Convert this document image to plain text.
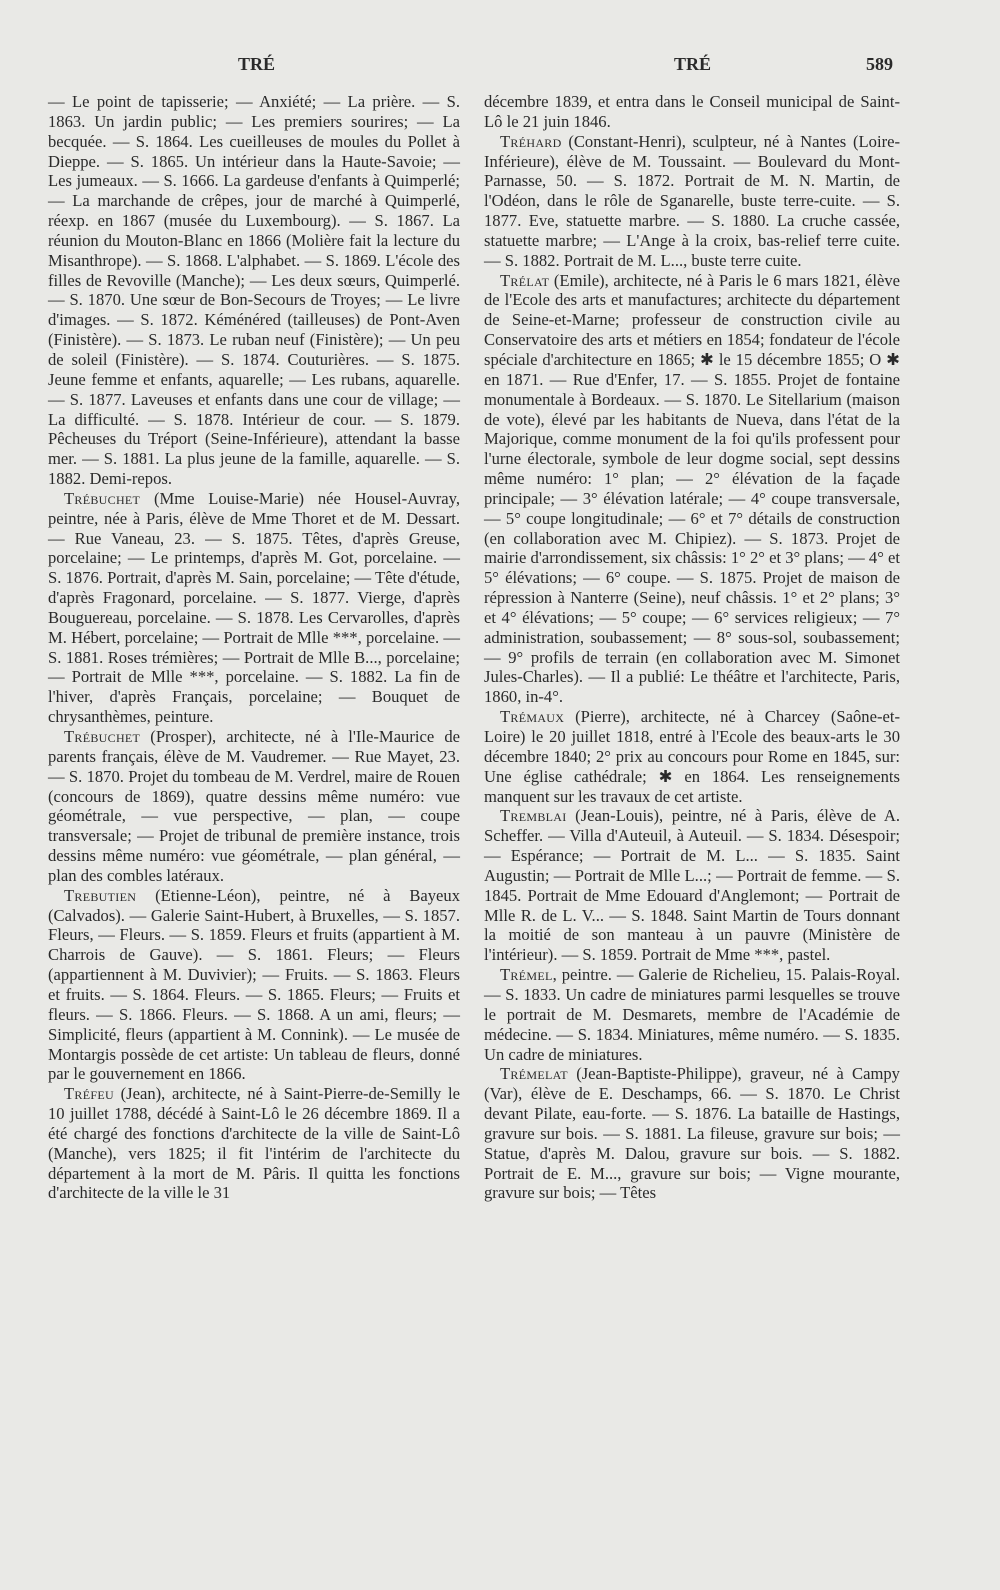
TRÉ	TRÉ	589

— Le point de tapisserie; — Anxiété; — La prière. — S. 1863. Un jardin public; — Les premiers sourires; — La becquée. — S. 1864. Les cueilleuses de moules du Pollet à Dieppe. — S. 1865. Un intérieur dans la Haute-Savoie; — Les jumeaux. — S. 1666. La gardeuse d'enfants à Quimperlé; — La marchande de crêpes, jour de marché à Quimperlé, réexp. en 1867 (musée du Luxembourg). — S. 1867. La réunion du Mouton-Blanc en 1866 (Molière fait la lecture du Misanthrope). — S. 1868. L'alphabet. — S. 1869. L'école des filles de Revoville (Manche); — Les deux sœurs, Quimperlé. — S. 1870. Une sœur de Bon-Secours de Troyes; — Le livre d'images. — S. 1872. Kéménéred (tailleuses) de Pont-Aven (Finistère). — S. 1873. Le ruban neuf (Finistère); — Un peu de soleil (Finistère). — S. 1874. Couturières. — S. 1875. Jeune femme et enfants, aquarelle; — Les rubans, aquarelle. — S. 1877. Laveuses et enfants dans une cour de village; — La difficulté. — S. 1878. Intérieur de cour. — S. 1879. Pêcheuses du Tréport (Seine-Inférieure), attendant la basse mer. — S. 1881. La plus jeune de la famille, aquarelle. — S. 1882. Demi-repos.

Trébuchet (Mme Louise-Marie) née Housel-Auvray, peintre, née à Paris, élève de Mme Thoret et de M. Dessart. — Rue Vaneau, 23. — S. 1875. Têtes, d'après Greuse, porcelaine; — Le printemps, d'après M. Got, porcelaine. — S. 1876. Portrait, d'après M. Sain, porcelaine; — Tête d'étude, d'après Fragonard, porcelaine. — S. 1877. Vierge, d'après Bouguereau, porcelaine. — S. 1878. Les Cervarolles, d'après M. Hébert, porcelaine; — Portrait de Mlle ***, porcelaine. — S. 1881. Roses trémières; — Portrait de Mlle B..., porcelaine; — Portrait de Mlle ***, porcelaine. — S. 1882. La fin de l'hiver, d'après Français, porcelaine; — Bouquet de chrysanthèmes, peinture.

Trébuchet (Prosper), architecte, né à l'Ile-Maurice de parents français, élève de M. Vaudremer. — Rue Mayet, 23. — S. 1870. Projet du tombeau de M. Verdrel, maire de Rouen (concours de 1869), quatre dessins même numéro: vue géométrale, — vue perspective, — plan, — coupe transversale; — Projet de tribunal de première instance, trois dessins même numéro: vue géométrale, — plan général, — plan des combles latéraux.

Trebutien (Etienne-Léon), peintre, né à Bayeux (Calvados). — Galerie Saint-Hubert, à Bruxelles, — S. 1857. Fleurs, — Fleurs. — S. 1859. Fleurs et fruits (appartient à M. Charrois de Gauve). — S. 1861. Fleurs; — Fleurs (appartiennent à M. Duvivier); — Fruits. — S. 1863. Fleurs et fruits. — S. 1864. Fleurs. — S. 1865. Fleurs; — Fruits et fleurs. — S. 1866. Fleurs. — S. 1868. A un ami, fleurs; — Simplicité, fleurs (appartient à M. Connink). — Le musée de Montargis possède de cet artiste: Un tableau de fleurs, donné par le gouvernement en 1866.

Tréfeu (Jean), architecte, né à Saint-Pierre-de-Semilly le 10 juillet 1788, décédé à Saint-Lô le 26 décembre 1869. Il a été chargé des fonctions d'architecte de la ville de Saint-Lô (Manche), vers 1825; il fit l'intérim de l'architecte du département à la mort de M. Pâris. Il quitta les fonctions d'architecte de la ville le 31

décembre 1839, et entra dans le Conseil municipal de Saint-Lô le 21 juin 1846.

Tréhard (Constant-Henri), sculpteur, né à Nantes (Loire-Inférieure), élève de M. Toussaint. — Boulevard du Mont-Parnasse, 50. — S. 1872. Portrait de M. N. Martin, de l'Odéon, dans le rôle de Sganarelle, buste terre-cuite. — S. 1877. Eve, statuette marbre. — S. 1880. La cruche cassée, statuette marbre; — L'Ange à la croix, bas-relief terre cuite. — S. 1882. Portrait de M. L..., buste terre cuite.

Trélat (Emile), architecte, né à Paris le 6 mars 1821, élève de l'Ecole des arts et manufactures; architecte du département de Seine-et-Marne; professeur de construction civile au Conservatoire des arts et métiers en 1854; fondateur de l'école spéciale d'architecture en 1865; ✱ le 15 décembre 1855; O ✱ en 1871. — Rue d'Enfer, 17. — S. 1855. Projet de fontaine monumentale à Bordeaux. — S. 1870. Le Sitellarium (maison de vote), élevé par les habitants de Nueva, dans l'état de la Majorique, comme monument de la foi qu'ils professent pour l'urne électorale, symbole de leur dogme social, sept dessins même numéro: 1° plan; — 2° élévation de la façade principale; — 3° élévation latérale; — 4° coupe transversale, — 5° coupe longitudinale; — 6° et 7° détails de construction (en collaboration avec M. Chipiez). — S. 1873. Projet de mairie d'arrondissement, six châssis: 1° 2° et 3° plans; — 4° et 5° élévations; — 6° coupe. — S. 1875. Projet de maison de répression à Nanterre (Seine), neuf châssis. 1° et 2° plans; 3° et 4° élévations; — 5° coupe; — 6° services religieux; — 7° administration, soubassement; — 8° sous-sol, soubassement; — 9° profils de terrain (en collaboration avec M. Simonet Jules-Charles). — Il a publié: Le théâtre et l'architecte, Paris, 1860, in-4°.

Trémaux (Pierre), architecte, né à Charcey (Saône-et-Loire) le 20 juillet 1818, entré à l'Ecole des beaux-arts le 30 décembre 1840; 2° prix au concours pour Rome en 1845, sur: Une église cathédrale; ✱ en 1864. Les renseignements manquent sur les travaux de cet artiste.

Tremblai (Jean-Louis), peintre, né à Paris, élève de A. Scheffer. — Villa d'Auteuil, à Auteuil. — S. 1834. Désespoir; — Espérance; — Portrait de M. L... — S. 1835. Saint Augustin; — Portrait de Mlle L...; — Portrait de femme. — S. 1845. Portrait de Mme Edouard d'Anglemont; — Portrait de Mlle R. de L. V... — S. 1848. Saint Martin de Tours donnant la moitié de son manteau à un pauvre (Ministère de l'intérieur). — S. 1859. Portrait de Mme ***, pastel.

Trémel, peintre. — Galerie de Richelieu, 15. Palais-Royal. — S. 1833. Un cadre de miniatures parmi lesquelles se trouve le portrait de M. Desmarets, membre de l'Académie de médecine. — S. 1834. Miniatures, même numéro. — S. 1835. Un cadre de miniatures.

Trémelat (Jean-Baptiste-Philippe), graveur, né à Campy (Var), élève de E. Deschamps, 66. — S. 1870. Le Christ devant Pilate, eau-forte. — S. 1876. La bataille de Hastings, gravure sur bois. — S. 1881. La fileuse, gravure sur bois; — Statue, d'après M. Dalou, gravure sur bois. — S. 1882. Portrait de E. M..., gravure sur bois; — Vigne mourante, gravure sur bois; — Têtes
